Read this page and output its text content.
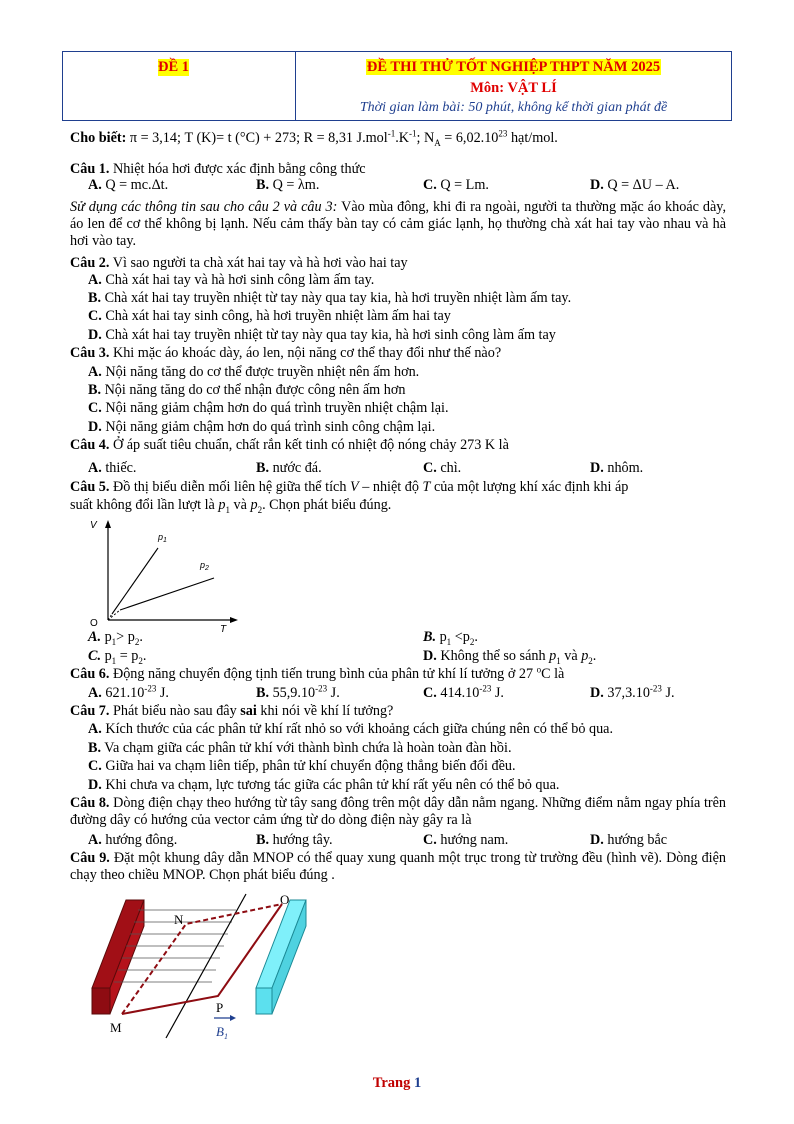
ĐỀ 1	ĐỀ THI THỬ TỐT NGHIỆP THPT NĂM 2025
Môn: VẬT LÍ
Thời gian làm bài: 50 phút, không kể thời gian phát đề
Cho biết: π = 3,14; T (K)= t (°C) + 273; R = 8,31 $J.mol^{-1}.K^{-1}$; $N_A = 6,02.10^{23}$ hạt/mol.
Câu 1. Nhiệt hóa hơi được xác định bằng công thức
A. Q = mc.Δt.	B. Q = λm.	C. Q = Lm.	D. Q = ΔU – A.
Sử dụng các thông tin sau cho câu 2 và câu 3: Vào mùa đông, khi đi ra ngoài, người ta thường mặc áo khoác dày, áo len để cơ thể không bị lạnh. Nếu cảm thấy bàn tay có cảm giác lạnh, họ thường chà xát hai tay vào nhau và hà hơi vào tay.
Câu 2. Vì sao người ta chà xát hai tay và hà hơi vào hai tay
A. Chà xát hai tay và hà hơi sinh công làm ấm tay.
B. Chà xát hai tay truyền nhiệt từ tay này qua tay kia, hà hơi truyền nhiệt làm ấm tay.
C. Chà xát hai tay sinh công, hà hơi truyền nhiệt làm ấm hai tay
D. Chà xát hai tay truyền nhiệt từ tay này qua tay kia, hà hơi sinh công làm ấm tay
Câu 3. Khi mặc áo khoác dày, áo len, nội năng cơ thể thay đổi như thế nào?
A. Nội năng tăng do cơ thể được truyền nhiệt nên ấm hơn.
B. Nội năng tăng do cơ thể nhận được công nên ấm hơn
C. Nội năng giảm chậm hơn do quá trình truyền nhiệt chậm lại.
D. Nội năng giảm chậm hơn do quá trình sinh công chậm lại.
Câu 4. Ở áp suất tiêu chuẩn, chất rắn kết tinh có nhiệt độ nóng chảy 273 K là
A. thiếc.	B. nước đá.	C. chì.	D. nhôm.
Câu 5. Đồ thị biểu diễn mối liên hệ giữa thể tích V – nhiệt độ T của một lượng khí xác định khi áp
suất không đổi lần lượt là $p_1$ và $p_2$. Chọn phát biểu đúng.
V
T
O
$p_1$
$p_2$
A. $p_1> p_2$.	B. $p_1 <p_2$.
C. $p_1 = p_2$.	D. Không thể so sánh $p_1$ và $p_2$.
Câu 6. Động năng chuyển động tịnh tiến trung bình của phân tử khí lí tưởng ở 27 $^o$C là
A. $621.10^{-23}$ J.	B. $55,9.10^{-23}$ J.	C. $414.10^{-23}$ J.	D. $37,3.10^{-23}$ J.
Câu 7. Phát biểu nào sau đây sai khi nói về khí lí tưởng?
A. Kích thước của các phân tử khí rất nhỏ so với khoảng cách giữa chúng nên có thể bỏ qua.
B. Va chạm giữa các phân tử khí với thành bình chứa là hoàn toàn đàn hồi.
C. Giữa hai va chạm liên tiếp, phân tử khí chuyển động thẳng biến đổi đều.
D. Khi chưa va chạm, lực tương tác giữa các phân tử khí rất yếu nên có thể bỏ qua.
Câu 8. Dòng điện chạy theo hướng từ tây sang đông trên một dây dẫn nằm ngang. Những điểm nằm ngay phía trên đường dây có hướng của vector cảm ứng từ do dòng điện này gây ra là
A. hướng đông.	B. hướng tây.	C. hướng nam.	D. hướng bắc
Câu 9. Đặt một khung dây dẫn MNOP có thể quay xung quanh một trục trong từ trường đều (hình vẽ). Dòng điện chạy theo chiều MNOP. Chọn phát biểu đúng .
N
O
P
M	$B_1$
Trang 1
